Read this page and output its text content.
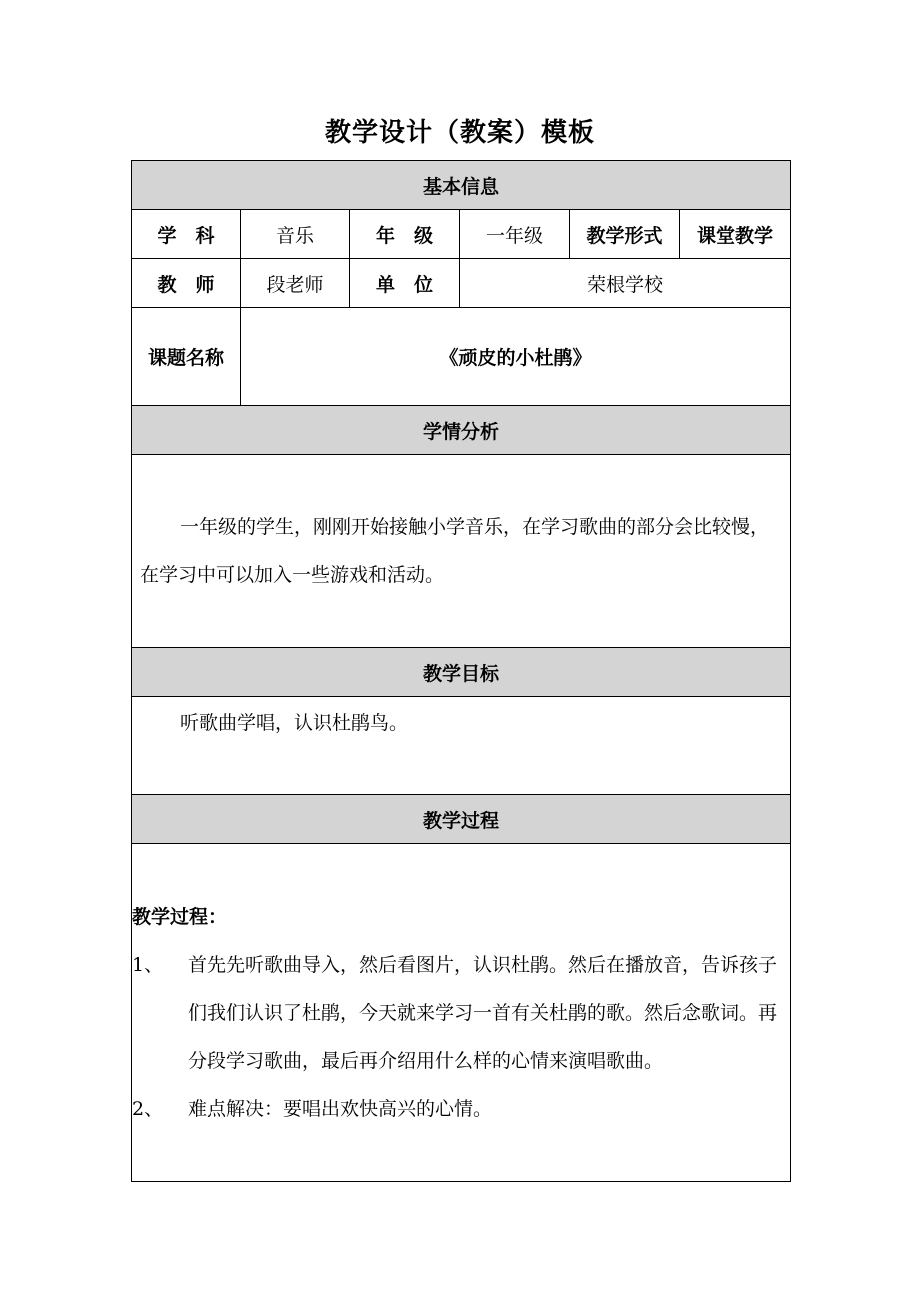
教学设计（教案）模板
基本信息					
学　科	音乐	年　级	一年级	教学形式	课堂教学
教　师	段老师	单　位	荣根学校		
课题名称	《顽皮的小杜鹃》				
学情分析					

一年级的学生，刚刚开始接触小学音乐，在学习歌曲的部分会比较慢，在学习中可以加入一些游戏和活动。					

教学目标					

听歌曲学唱，认识杜鹃鸟。					

教学过程					

教学过程：
1、 首先先听歌曲导入，然后看图片，认识杜鹃。然后在播放音，告诉孩子们我们认识了杜鹃，今天就来学习一首有关杜鹃的歌。然后念歌词。再分段学习歌曲，最后再介绍用什么样的心情来演唱歌曲。
2、 难点解决：要唱出欢快高兴的心情。					
